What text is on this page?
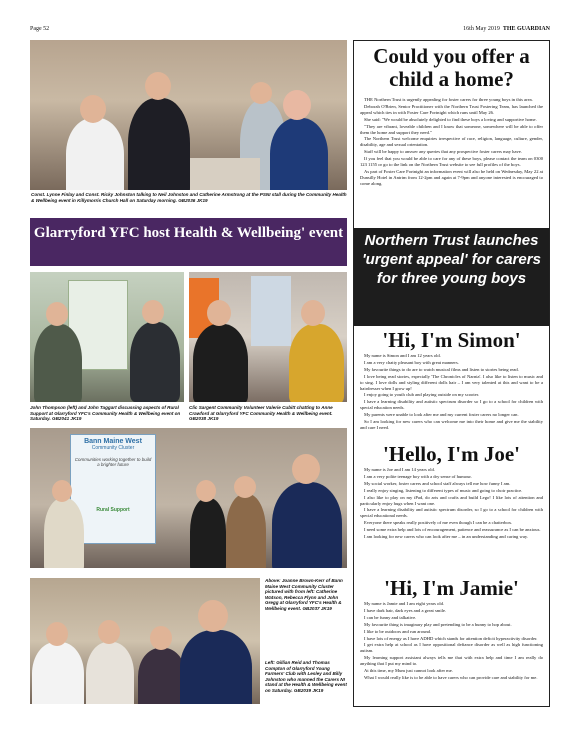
Page 52	16th May 2019 THE GUARDIAN
Const. Lynne Finlay and Const. Ricky Johnston talking to Neil Johnston and Catherine Armstrong at the PSNI stall during the Community Health & Wellbeing event in Killymorris Church Hall on Saturday morning. GB2036 JK19
Glarryford YFC host Health & Wellbeing' event
John Thompson (left) and John Taggart discussing aspects of Rural Support at Glarryford YFC's Community Health & Wellbeing event on Saturday. GB2041 JK19
Clic Sargent Community Volunteer Valerie Cubitt chatting to Anne Crawford at Glarryford YFC Community Health & Wellbeing event. GB2038 JK19
Bann Maine West
Community Cluster
Communities working together to build a brighter future
Rural Support
Above: Joanne Brown-Kerr of Bann Maine West Community Cluster pictured with from left: Catherine Watson, Rebecca Flynn and John Gregg at Glarryford YFC's Health & Wellbeing event. GB2037 JK19
Left: Gillian Reid and Thomas Compton of Glarryford Young Farmers' Club with Lesley and Billy Johnston who manned the Carers NI stand at the Health & Wellbeing event on Saturday. GB2039 JK19
Could you offer a child a home?

THE Northern Trust is urgently appealing for foster carers for three young boys in this area.

Deborah O'Brien, Senior Practitioner with the Northern Trust Fostering Team, has launched the appeal which ties in with Foster Care Fortnight which runs until May 26.

She said: "We would be absolutely delighted to find these boys a loving and supportive home.

"They are vibrant, loveable children and I know that someone, somewhere will be able to offer them the home and support they need."

The Northern Trust welcome enquiries irrespective of race, religion, language, culture, gender, disability, age and sexual orientation.

Staff will be happy to answer any queries that any prospective foster carers may have.

If you feel that you would be able to care for any of these boys, please contact the team on 0300 123 1155 or go to the link on the Northern Trust website to see full profiles of the boys.

As part of Foster Care Fortnight an information event will also be held on Wednesday, May 22 at Dunsilly Hotel in Antrim from 12-2pm and again at 7-9pm and anyone interested is encouraged to come along.

Northern Trust launches 'urgent appeal' for carers for three young boys
'Hi, I'm Simon'

My name is Simon and I am 12 years old.

I am a very chatty pleasant boy with great manners.

My favourite things to do are to watch musical films and listen to stories being read.

I love being read stories, especially 'The Chronicles of Narnia'. I also like to listen to music and to sing. I love dolls and styling different dolls hair – I am very talented at this and want to be a hairdresser when I grow up!

I enjoy going to youth club and playing outside on my scooter.

I have a learning disability and autistic spectrum disorder so I go to a school for children with special education needs.

My parents were unable to look after me and my current foster carers no longer can.

So I am looking for new carers who can welcome me into their home and give me the stability and care I need.

'Hello, I'm Joe'

My name is Joe and I am 14 years old.

I am a very polite teenage boy with a dry sense of humour.

My social worker, foster carers and school staff always tell me how funny I am.

I really enjoy singing, listening to different types of music and going to choir practice.

I also like to play on my iPad, do arts and crafts and build Lego! I like lots of attention and particularly enjoy hugs when I want one.

I have a learning disability and autistic spectrum disorder, so I go to a school for children with special educational needs.

Everyone there speaks really positively of me even though I can be a chatterbox.

I need some extra help and lots of encouragement, patience and reassurance as I can be anxious.

I am looking for new carers who can look after me – in an understanding and caring way.

'Hi, I'm Jamie'

My name is Jamie and I am eight years old.

I have dark hair, dark eyes and a great smile.

I can be funny and talkative.

My favourite thing is imaginary play and pretending to be a bunny to hop about.

I like to be outdoors and run around.

I have lots of energy as I have ADHD which stands for attention deficit hyperactivity disorder.

I get extra help at school as I have oppositional defiance disorder as well as high functioning autism.

My learning support assistant always tells me that with extra help and time I am really do anything that I put my mind to.

At this time, my Mum just cannot look after me.

What I would really like is to be able to have carers who can provide care and stability for me.
